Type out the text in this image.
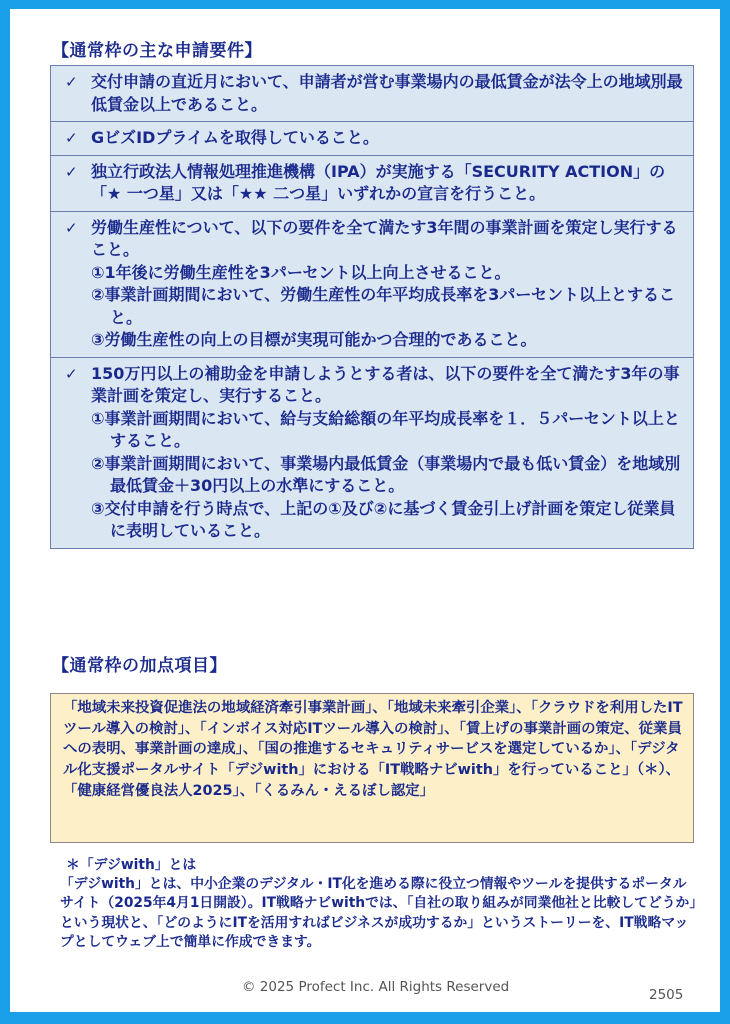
【通常枠の主な申請要件】
✓ 交付申請の直近月において、申請者が営む事業場内の最低賃金が法令上の地域別最低賃金以上であること。
✓ GビズIDプライムを取得していること。
✓ 独立行政法人情報処理推進機構（IPA）が実施する「SECURITY ACTION」の「★ 一つ星」又は「★★ 二つ星」いずれかの宣言を行うこと。
✓ 労働生産性について、以下の要件を全て満たす3年間の事業計画を策定し実行すること。
①1年後に労働生産性を3パーセント以上向上させること。
②事業計画期間において、労働生産性の年平均成長率を3パーセント以上とすること。
③労働生産性の向上の目標が実現可能かつ合理的であること。
✓ 150万円以上の補助金を申請しようとする者は、以下の要件を全て満たす3年の事業計画を策定し、実行すること。
①事業計画期間において、給与支給総額の年平均成長率を１．５パーセント以上とすること。
②事業計画期間において、事業場内最低賃金（事業場内で最も低い賃金）を地域別最低賃金＋30円以上の水準にすること。
③交付申請を行う時点で、上記の①及び②に基づく賃金引上げ計画を策定し従業員に表明していること。
【通常枠の加点項目】
「地域未来投資促進法の地域経済牽引事業計画」、「地域未来牽引企業」、「クラウドを利用したITツール導入の検討」、「インボイス対応ITツール導入の検討」、「賃上げの事業計画の策定、従業員への表明、事業計画の達成」、「国の推進するセキュリティサービスを選定しているか」、「デジタル化支援ポータルサイト「デジwith」における「IT戦略ナビwith」を行っていること」（＊）、「健康経営優良法人2025」、「くるみん・えるぼし認定」
＊「デジwith」とは
「デジwith」とは、中小企業のデジタル・IT化を進める際に役立つ情報やツールを提供するポータルサイト（2025年4月1日開設）。IT戦略ナビwithでは、「自社の取り組みが同業他社と比較してどうか」という現状と、「どのようにITを活用すればビジネスが成功するか」というストーリーを、IT戦略マップとしてウェブ上で簡単に作成できます。
© 2025 Profect Inc. All Rights Reserved	2505
